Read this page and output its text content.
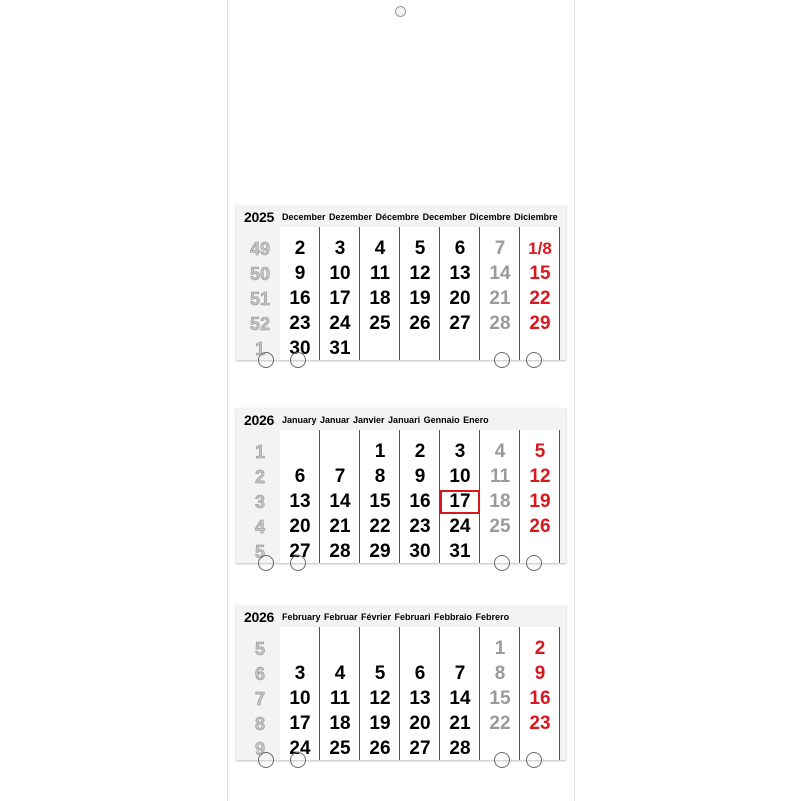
2025 December Dezember Décembre December Dicembre Diciembre
49
50
51
52
1
2
9
16
23
30
3
10
17
24
31
4
11
18
25
5
12
19
26
6
13
20
27
7
14
21
28
1/8
15
22
29
2026 January Januar Janvier Januari Gennaio Enero
1
2
3
4
5
6
13
20
27
7
14
21
28
1
8
15
22
29
2
9
16
23
30
3
10
17
24
31
4
11
18
25
5
12
19
26
2026 February Februar Février Februari Febbraio Febrero
5
6
7
8
9
3
10
17
24
4
11
18
25
5
12
19
26
6
13
20
27
7
14
21
28
1
8
15
22
2
9
16
23
